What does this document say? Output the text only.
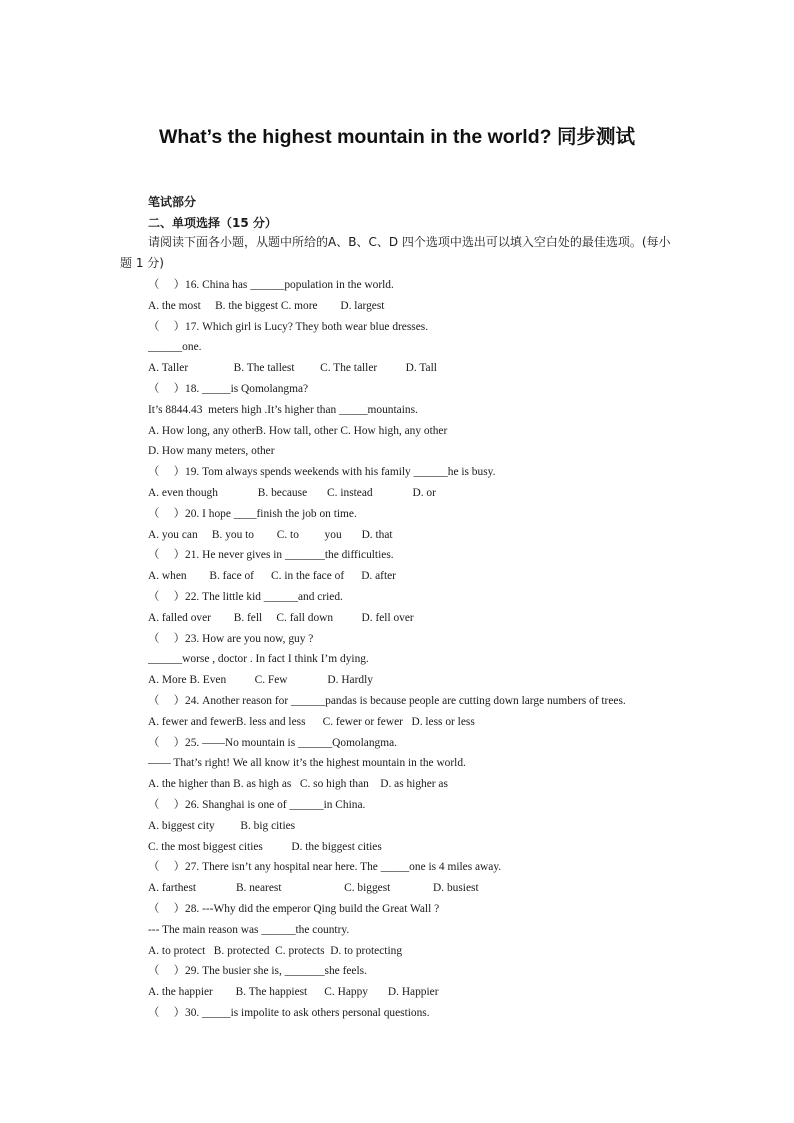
What’s the highest mountain in the world? 同步测试
笔试部分
二、单项选择（15 分）
请阅读下面各小题，从题中所给的A、B、C、D 四个选项中选出可以填入空白处的最佳选项。(每小题 1 分)
（     ）16. China has ______population in the world.
A. the most     B. the biggest C. more        D. largest
（     ）17. Which girl is Lucy? They both wear blue dresses.
______one.
A. Taller                B. The tallest         C. The taller          D. Tall
（     ）18. _____is Qomolangma?
It’s 8844.43  meters high .It’s higher than _____mountains.
A. How long, any otherB. How tall, other C. How high, any other
D. How many meters, other
（     ）19. Tom always spends weekends with his family ______he is busy.
A. even though              B. because       C. instead              D. or
（     ）20. I hope ____finish the job on time.
A. you can     B. you to        C. to         you       D. that
（     ）21. He never gives in _______the difficulties.
A. when        B. face of      C. in the face of      D. after
（     ）22. The little kid ______and cried.
A. falled over        B. fell     C. fall down          D. fell over
（     ）23. How are you now, guy ?
______worse , doctor . In fact I think I’m dying.
A. More B. Even          C. Few              D. Hardly
（     ）24. Another reason for ______pandas is because people are cutting down large numbers of trees.
A. fewer and fewerB. less and less      C. fewer or fewer   D. less or less
（     ）25. ——No mountain is ______Qomolangma.
—— That’s right! We all know it’s the highest mountain in the world.
A. the higher than B. as high as   C. so high than    D. as higher as
（     ）26. Shanghai is one of ______in China.
A. biggest city         B. big cities
C. the most biggest cities          D. the biggest cities
（     ）27. There isn’t any hospital near here. The _____one is 4 miles away.
A. farthest              B. nearest                      C. biggest               D. busiest
（     ）28. ---Why did the emperor Qing build the Great Wall ?
--- The main reason was ______the country.
A. to protect   B. protected  C. protects  D. to protecting
（     ）29. The busier she is, _______she feels.
A. the happier        B. The happiest      C. Happy       D. Happier
（     ）30. _____is impolite to ask others personal questions.
